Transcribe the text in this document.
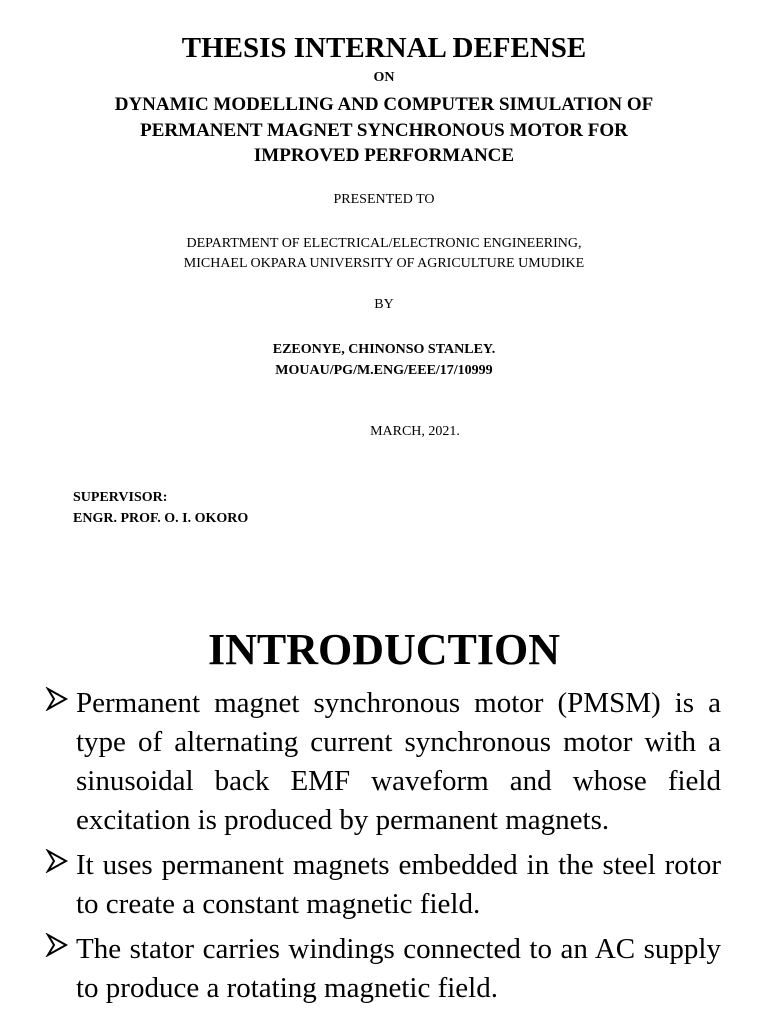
THESIS INTERNAL DEFENSE
ON
DYNAMIC MODELLING AND COMPUTER SIMULATION OF
PERMANENT MAGNET SYNCHRONOUS MOTOR FOR
IMPROVED PERFORMANCE
PRESENTED TO
DEPARTMENT OF ELECTRICAL/ELECTRONIC ENGINEERING,
MICHAEL OKPARA UNIVERSITY OF AGRICULTURE UMUDIKE
BY
EZEONYE, CHINONSO STANLEY.
MOUAU/PG/M.ENG/EEE/17/10999
MARCH, 2021.
SUPERVISOR:
ENGR. PROF. O. I. OKORO
INTRODUCTION
Permanent magnet synchronous motor (PMSM) is a type of alternating current synchronous motor with a sinusoidal back EMF waveform and whose field excitation is produced by permanent magnets.
It uses permanent magnets embedded in the steel rotor to create a constant magnetic field.
The stator carries windings connected to an AC supply to produce a rotating magnetic field.
